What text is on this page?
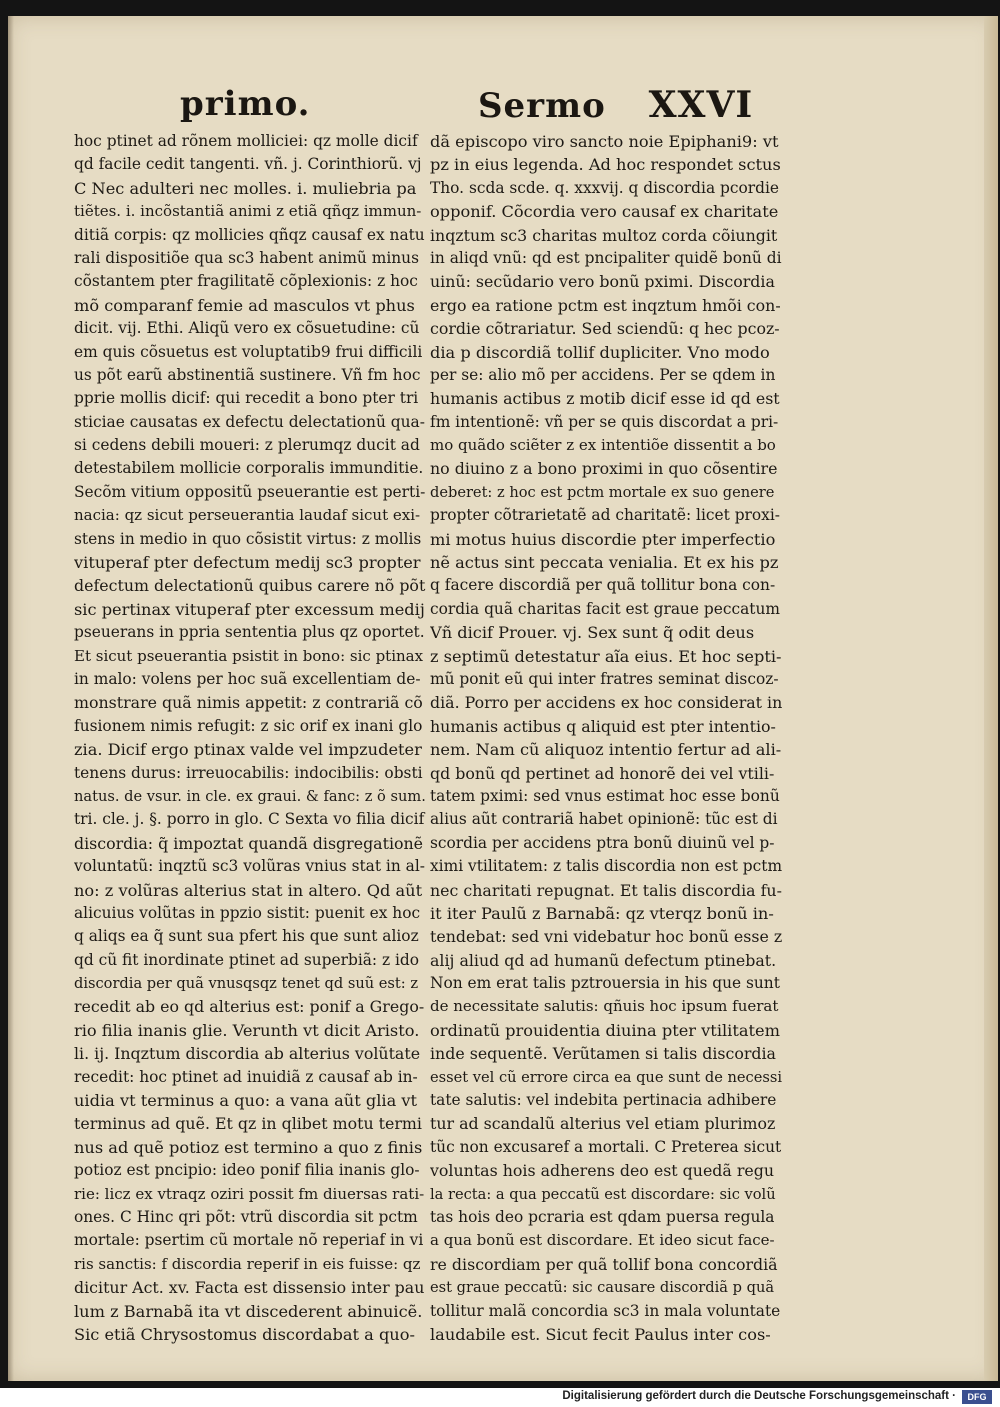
primo.	Sermo XXVI
hoc ptinet ad rõnem molliciei: qz molle dicif
qd facile cedit tangenti. vñ. j. Corinthiorũ. vj
C Nec adulteri nec molles. i. muliebria pa
tiẽtes. i. incõstantiã animi z etiã qñqz immun-
ditiã corpis: qz mollicies qñqz causaf ex natu
rali dispositiõe qua sc3 habent animũ minus
cõstantem pter fragilitatẽ cõplexionis: z hoc
mõ comparanf femie ad masculos vt phus
dicit. vij. Ethi. Aliqũ vero ex cõsuetudine: cũ
em quis cõsuetus est voluptatib9 frui difficili
us põt earũ abstinentiã sustinere. Vñ fm hoc
pprie mollis dicif: qui recedit a bono pter tri
sticiae causatas ex defectu delectationũ qua-
si cedens debili moueri: z plerumqz ducit ad
detestabilem mollicie corporalis immunditie.
Secõm vitium oppositũ pseuerantie est perti-
nacia: qz sicut perseuerantia laudaf sicut exi-
stens in medio in quo cõsistit virtus: z mollis
vituperaf pter defectum medij sc3 propter
defectum delectationũ quibus carere nõ põt
sic pertinax vituperaf pter excessum medij
pseuerans in ppria sententia plus qz oportet.
Et sicut pseuerantia psistit in bono: sic ptinax
in malo: volens per hoc suã excellentiam de-
monstrare quã nimis appetit: z contrariã cõ
fusionem nimis refugit: z sic orif ex inani glo
zia. Dicif ergo ptinax valde vel impzudeter
tenens durus: irreuocabilis: indocibilis: obsti
natus. de vsur. in cle. ex graui. & fanc: z õ sum.
tri. cle. j. §. porro in glo. C Sexta vo filia dicif
discordia: q̃ impoztat quandã disgregationẽ
voluntatũ: inqztũ sc3 volũras vnius stat in al-
no: z volũras alterius stat in altero. Qd aũt
alicuius volũtas in ppzio sistit: puenit ex hoc
q aliqs ea q̃ sunt sua pfert his que sunt alioz
qd cũ fit inordinate ptinet ad superbiã: z ido
discordia per quã vnusqsqz tenet qd suũ est: z
recedit ab eo qd alterius est: ponif a Grego-
rio filia inanis glie. Verunth vt dicit Aristo.
li. ij. Inqztum discordia ab alterius volũtate
recedit: hoc ptinet ad inuidiã z causaf ab in-
uidia vt terminus a quo: a vana aũt glia vt
terminus ad quẽ. Et qz in qlibet motu termi
nus ad quẽ potioz est termino a quo z finis
potioz est pncipio: ideo ponif filia inanis glo-
rie: licz ex vtraqz oziri possit fm diuersas rati-
ones. C Hinc qri põt: vtrũ discordia sit pctm
mortale: psertim cũ mortale nõ reperiaf in vi
ris sanctis: f discordia reperif in eis fuisse: qz
dicitur Act. xv. Facta est dissensio inter pau
lum z Barnabã ita vt discederent abinuicẽ.
Sic etiã Chrysostomus discordabat a quo-
dã episcopo viro sancto noie Epiphani9: vt
pz in eius legenda. Ad hoc respondet sctus
Tho. scda scde. q. xxxvij. q discordia pcordie
opponif. Cõcordia vero causaf ex charitate
inqztum sc3 charitas multoz corda cõiungit
in aliqd vnũ: qd est pncipaliter quidẽ bonũ di
uinũ: secũdario vero bonũ pximi. Discordia
ergo ea ratione pctm est inqztum hmõi con-
cordie cõtrariatur. Sed sciendũ: q hec pcoz-
dia p discordiã tollif dupliciter. Vno modo
per se: alio mõ per accidens. Per se qdem in
humanis actibus z motib dicif esse id qd est
fm intentionẽ: vñ per se quis discordat a pri-
mo quãdo sciẽter z ex intentiõe dissentit a bo
no diuino z a bono proximi in quo cõsentire
deberet: z hoc est pctm mortale ex suo genere
propter cõtrarietatẽ ad charitatẽ: licet proxi-
mi motus huius discordie pter imperfectio
nẽ actus sint peccata venialia. Et ex his pz
q facere discordiã per quã tollitur bona con-
cordia quã charitas facit est graue peccatum
Vñ dicif Prouer. vj. Sex sunt q̃ odit deus
z septimũ detestatur aĩa eius. Et hoc septi-
mũ ponit eũ qui inter fratres seminat discoz-
diã. Porro per accidens ex hoc considerat in
humanis actibus q aliquid est pter intentio-
nem. Nam cũ aliquoz intentio fertur ad ali-
qd bonũ qd pertinet ad honorẽ dei vel vtili-
tatem pximi: sed vnus estimat hoc esse bonũ
alius aũt contrariã habet opinionẽ: tũc est di
scordia per accidens ptra bonũ diuinũ vel p-
ximi vtilitatem: z talis discordia non est pctm
nec charitati repugnat. Et talis discordia fu-
it iter Paulũ z Barnabã: qz vterqz bonũ in-
tendebat: sed vni videbatur hoc bonũ esse z
alij aliud qd ad humanũ defectum ptinebat.
Non em erat talis pztrouersia in his que sunt
de necessitate salutis: qñuis hoc ipsum fuerat
ordinatũ prouidentia diuina pter vtilitatem
inde sequentẽ. Verũtamen si talis discordia
esset vel cũ errore circa ea que sunt de necessi
tate salutis: vel indebita pertinacia adhibere
tur ad scandalũ alterius vel etiam plurimoz
tũc non excusaref a mortali. C Preterea sicut
voluntas hois adherens deo est quedã regu
la recta: a qua peccatũ est discordare: sic volũ
tas hois deo pcraria est qdam puersa regula
a qua bonũ est discordare. Et ideo sicut face-
re discordiam per quã tollif bona concordiã
est graue peccatũ: sic causare discordiã p quã
tollitur malã concordia sc3 in mala voluntate
laudabile est. Sicut fecit Paulus inter cos-
Digitalisierung gefördert durch die Deutsche Forschungsgemeinschaft ·	DFG
